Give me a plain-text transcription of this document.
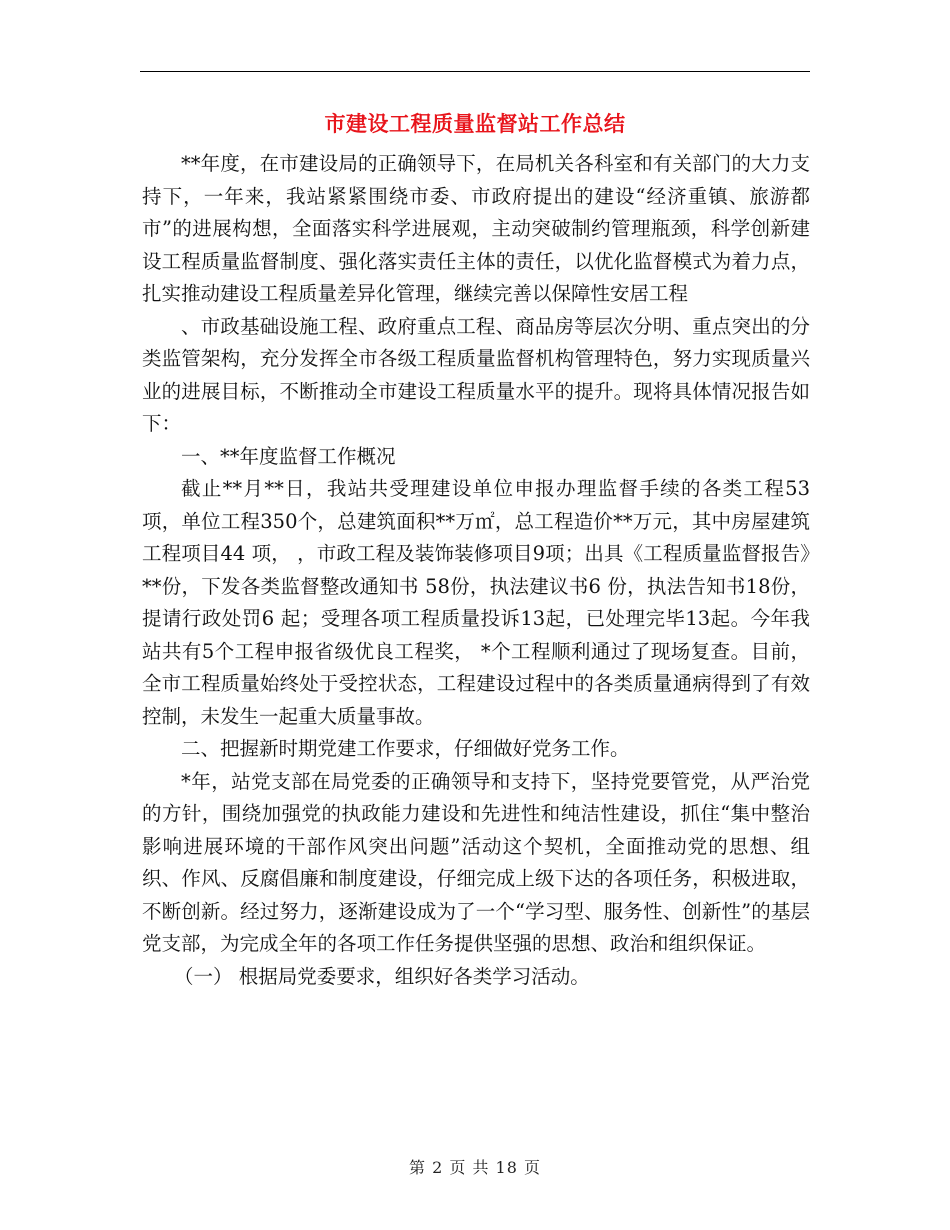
市建设工程质量监督站工作总结

**年度，在市建设局的正确领导下，在局机关各科室和有关部门的大力支持下，一年来，我站紧紧围绕市委、市政府提出的建设“经济重镇、旅游都市”的进展构想，全面落实科学进展观，主动突破制约管理瓶颈，科学创新建设工程质量监督制度、强化落实责任主体的责任，以优化监督模式为着力点，扎实推动建设工程质量差异化管理，继续完善以保障性安居工程

、市政基础设施工程、政府重点工程、商品房等层次分明、重点突出的分类监管架构，充分发挥全市各级工程质量监督机构管理特色，努力实现质量兴业的进展目标，不断推动全市建设工程质量水平的提升。现将具体情况报告如下：

一、**年度监督工作概况

截止**月**日，我站共受理建设单位申报办理监督手续的各类工程53项，单位工程350个，总建筑面积**万㎡，总工程造价**万元，其中房屋建筑工程项目44 项， ，市政工程及装饰装修项目9项；出具《工程质量监督报告》**份，下发各类监督整改通知书 58份，执法建议书6 份，执法告知书18份，提请行政处罚6 起；受理各项工程质量投诉13起，已处理完毕13起。今年我站共有5个工程申报省级优良工程奖， *个工程顺利通过了现场复查。目前，全市工程质量始终处于受控状态，工程建设过程中的各类质量通病得到了有效控制，未发生一起重大质量事故。

二、把握新时期党建工作要求，仔细做好党务工作。

*年，站党支部在局党委的正确领导和支持下，坚持党要管党，从严治党的方针，围绕加强党的执政能力建设和先进性和纯洁性建设，抓住“集中整治影响进展环境的干部作风突出问题”活动这个契机，全面推动党的思想、组织、作风、反腐倡廉和制度建设，仔细完成上级下达的各项任务，积极进取，不断创新。经过努力，逐渐建设成为了一个“学习型、服务性、创新性”的基层党支部，为完成全年的各项工作任务提供坚强的思想、政治和组织保证。

（一） 根据局党委要求，组织好各类学习活动。

第 2 页 共 18 页
